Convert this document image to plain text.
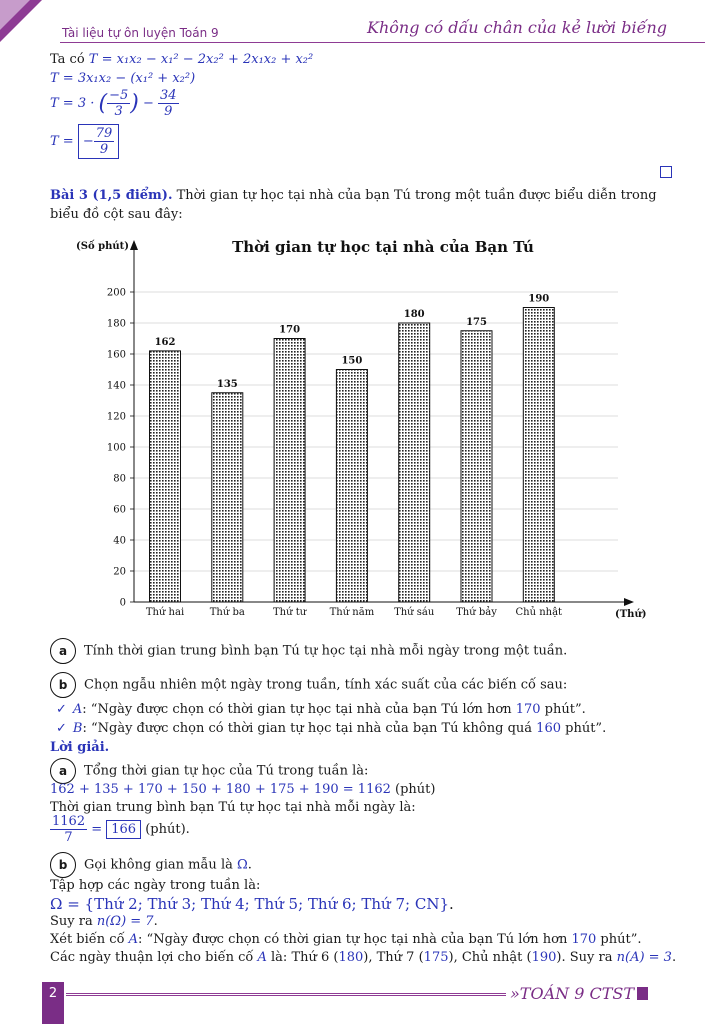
Tài liệu tự ôn luyện Toán 9	Không có dấu chân của kẻ lười biếng
Ta có T = x₁x₂ − x₁² − 2x₂² + 2x₁x₂ + x₂²
T = 3x₁x₂ − (x₁² + x₂²)
T = 3 · ( $\frac{-5}{3}$ ) − $\frac{34}{9}$
T = − $\frac{79}{9}$
Bài 3 (1,5 điểm). Thời gian tự học tại nhà của bạn Tú trong một tuần được biểu diễn trong biểu đồ cột sau đây:
Thời gian tự học tại nhà của Bạn Tú
(Số phút)
(Thứ)
162
135
170
150
180
175
190
0
20
40
60
80
100
120
140
160
180
200
Thứ hai	Thứ ba	Thứ tư Thứ năm Thứ sáu Thứ bảy Chủ nhật
a Tính thời gian trung bình bạn Tú tự học tại nhà mỗi ngày trong một tuần.
b Chọn ngẫu nhiên một ngày trong tuần, tính xác suất của các biến cố sau:
✓ A: “Ngày được chọn có thời gian tự học tại nhà của bạn Tú lớn hơn 170 phút”.
✓ B: “Ngày được chọn có thời gian tự học tại nhà của bạn Tú không quá 160 phút”.
Lời giải.
a Tổng thời gian tự học của Tú trong tuần là:
162 + 135 + 170 + 150 + 180 + 175 + 190 = 1162 (phút)
Thời gian trung bình bạn Tú tự học tại nhà mỗi ngày là:
$\frac{1162}{7} = 166$ (phút).
b Gọi không gian mẫu là Ω.
Tập hợp các ngày trong tuần là:
Ω = {Thứ 2; Thứ 3; Thứ 4; Thứ 5; Thứ 6; Thứ 7; CN}.
Suy ra n(Ω) = 7.
Xét biến cố A: “Ngày được chọn có thời gian tự học tại nhà của bạn Tú lớn hơn 170 phút”.
Các ngày thuận lợi cho biến cố A là: Thứ 6 (180), Thứ 7 (175), Chủ nhật (190). Suy ra n(A) = 3.
2	»TOÁN 9 CTST
